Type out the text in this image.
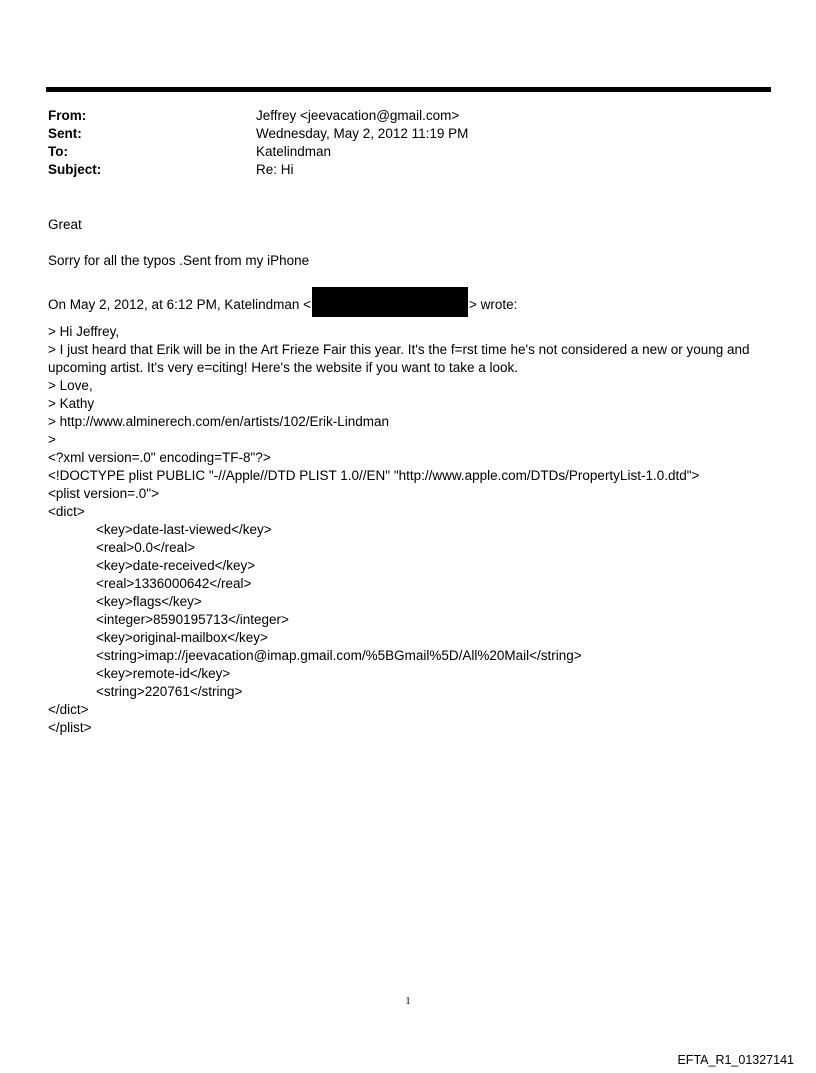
From:	Jeffrey <jeevacation@gmail.com>
Sent:	Wednesday, May 2, 2012 11:19 PM
To:	Katelindman
Subject:	Re: Hi
Great
Sorry for all the typos .Sent from my iPhone
On May 2, 2012, at 6:12 PM, Katelindman <	> wrote:
> Hi Jeffrey,
> I just heard that Erik will be in the Art Frieze Fair this year. It's the f=rst time he's not considered a new or young and upcoming artist. It's very e=citing! Here's the website if you want to take a look.
> Love,
> Kathy
> http://www.alminerech.com/en/artists/102/Erik-Lindman
>
<?xml version=.0" encoding=TF-8"?>
<!DOCTYPE plist PUBLIC "-//Apple//DTD PLIST 1.0//EN" "http://www.apple.com/DTDs/PropertyList-1.0.dtd">
<plist version=.0">
<dict>
<key>date-last-viewed</key>
<real>0.0</real>
<key>date-received</key>
<real>1336000642</real>
<key>flags</key>
<integer>8590195713</integer>
<key>original-mailbox</key>
<string>imap://jeevacation@imap.gmail.com/%5BGmail%5D/All%20Mail</string>
<key>remote-id</key>
<string>220761</string>
</dict>
</plist>
1
EFTA_R1_01327141
